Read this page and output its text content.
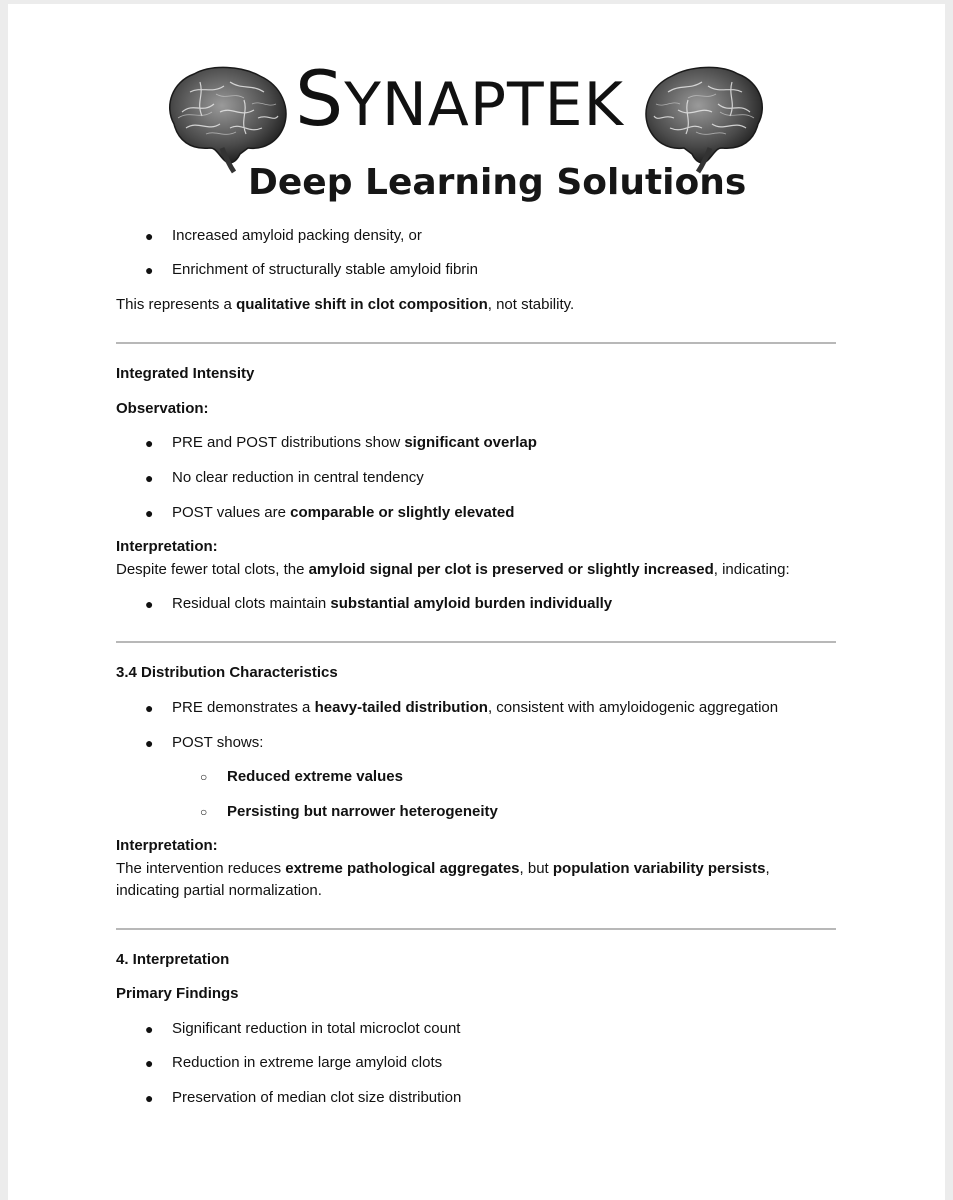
SYNAPTEK
Deep Learning Solutions
● Increased amyloid packing density, or
● Enrichment of structurally stable amyloid fibrin
This represents a qualitative shift in clot composition, not stability.
Integrated Intensity
Observation:
● PRE and POST distributions show significant overlap
● No clear reduction in central tendency
● POST values are comparable or slightly elevated
Interpretation:
Despite fewer total clots, the amyloid signal per clot is preserved or slightly increased, indicating:
● Residual clots maintain substantial amyloid burden individually
3.4 Distribution Characteristics
● PRE demonstrates a heavy-tailed distribution, consistent with amyloidogenic aggregation
● POST shows:
○ Reduced extreme values
○ Persisting but narrower heterogeneity
Interpretation:
The intervention reduces extreme pathological aggregates, but population variability persists,
indicating partial normalization.
4. Interpretation
Primary Findings
● Significant reduction in total microclot count
● Reduction in extreme large amyloid clots
● Preservation of median clot size distribution
